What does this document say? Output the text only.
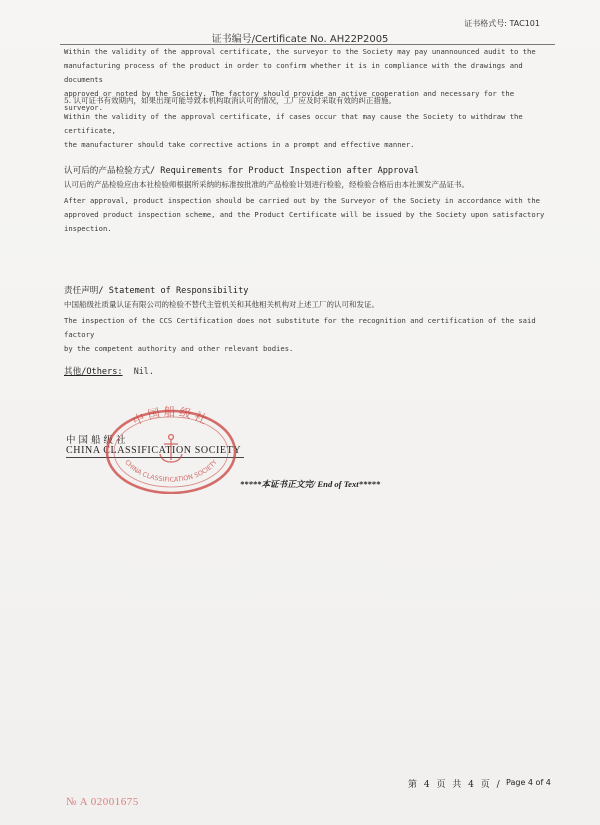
证书格式号: TAC101
证书编号/Certificate No. AH22P2005
Within the validity of the approval certificate, the surveyor to the Society may pay unannounced audit to the
manufacturing process of the product in order to confirm whether it is in compliance with the drawings and documents
approved or noted by the Society. The factory should provide an active cooperation and necessary for the surveyor.
5. 认可证书有效期内，如果出现可能导致本机构取消认可的情况，工厂应及时采取有效的纠正措施。
Within the validity of the approval certificate, if cases occur that may cause the Society to withdraw the certificate,
the manufacturer should take corrective actions in a prompt and effective manner.
认可后的产品检验方式/ Requirements for Product Inspection after Approval
认可后的产品检验应由本社检验师根据所采纳的标准按批准的产品检验计划进行检验，经检验合格后由本社颁发产品证书。
After approval, product inspection should be carried out by the Surveyor of the Society in accordance with the
approved product inspection scheme, and the Product Certificate will be issued by the Society upon satisfactory
inspection.
责任声明/ Statement of Responsibility
中国船级社质量认证有限公司的检验不替代主管机关和其他相关机构对上述工厂的认可和发证。
The inspection of the CCS Certification does not substitute for the recognition and certification of the said factory
by the competent authority and other relevant bodies.
其他/Others: Nil.
中国船级社
CHINA CLASSIFICATION SOCIETY
中国船级社
CHINA CLASSIFICATION SOCIETY
*****本证书正文完/ End of Text*****
第 4 页 共 4 页 / Page 4 of 4
№ A 02001675
